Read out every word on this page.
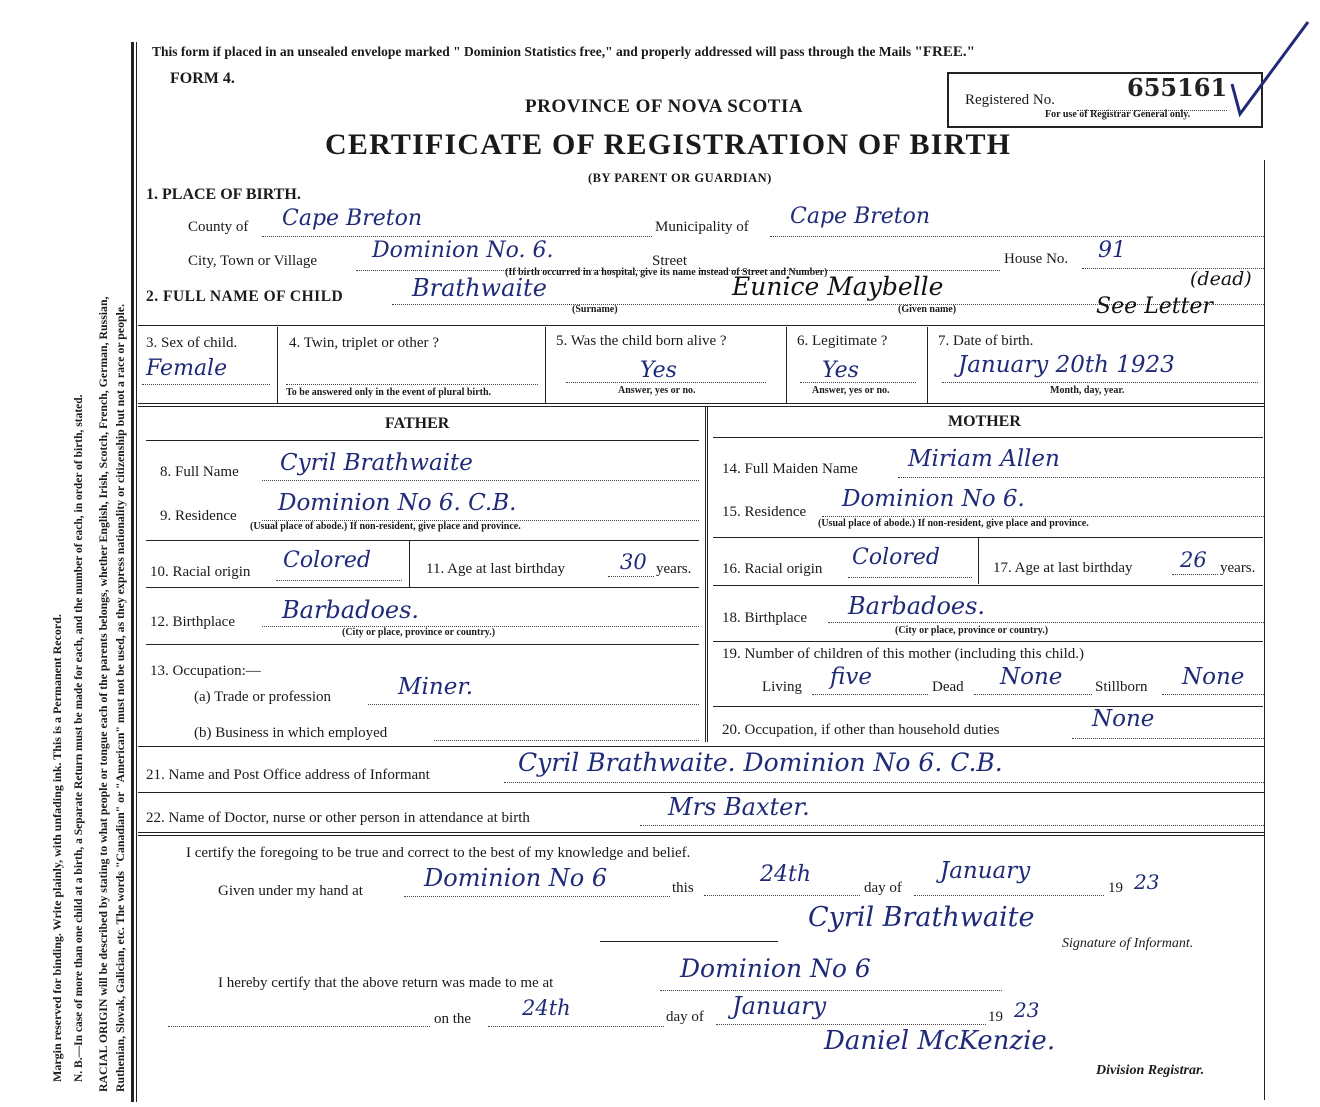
Margin reserved for binding. Write plainly, with unfading ink. This is a Permanent Record. N. B.—In case of more than one child at a birth, a Separate Return must be made for each, and the number of each, in order of birth, stated. RACIAL ORIGIN will be described by stating to what people or tongue each of the parents belongs, whether English, Irish, Scotch, French, German, Russian, Ruthenian, Slovak, Galician, etc. The words "Canadian" or "American" must not be used, as they express nationality or citizenship but not a race or people.
This form if placed in an unsealed envelope marked " Dominion Statistics free," and properly addressed will pass through the Mails "FREE."
FORM 4.
PROVINCE OF NOVA SCOTIA
CERTIFICATE OF REGISTRATION OF BIRTH
(BY PARENT OR GUARDIAN)
Registered No.	655161
For use of Registrar General only.
1. PLACE OF BIRTH.
County of Cape Breton	Municipality of Cape Breton
City, Town or Village Dominion No. 6.	Street	House No. 91
(If birth occurred in a hospital, give its name instead of Street and Number)
2. FULL NAME OF CHILD	Brathwaite	Eunice Maybelle
(Surname)	(Given name)
(dead)
See Letter
3. Sex of child.
Female
4. Twin, triplet or other ?
To be answered only in the event of plural birth.
5. Was the child born alive ?
Yes
Answer, yes or no.
6. Legitimate ?
Yes
Answer, yes or no.
7. Date of birth.
January 20th 1923
Month, day, year.
FATHER	MOTHER
8. Full Name Cyril Brathwaite
9. Residence Dominion No 6. C.B.
(Usual place of abode.) If non-resident, give place and province.
10. Racial origin Colored	11. Age at last birthday	30 years.
12. Birthplace Barbadoes.
(City or place, province or country.)
13. Occupation:—
(a) Trade or profession	Miner.
(b) Business in which employed
14. Full Maiden Name Miriam Allen
15. Residence Dominion No 6.
(Usual place of abode.) If non-resident, give place and province.
16. Racial origin Colored	17. Age at last birthday 26 years.
18. Birthplace Barbadoes.
(City or place, province or country.)
19. Number of children of this mother (including this child.)
Living five	Dead None Stillborn None
20. Occupation, if other than household duties	None
21. Name and Post Office address of Informant	Cyril Brathwaite. Dominion No 6. C.B.
22. Name of Doctor, nurse or other person in attendance at birth	Mrs Baxter.
I certify the foregoing to be true and correct to the best of my knowledge and belief.
Given under my hand at	Dominion No 6	this
24th
day of
January
19 23
Cyril Brathwaite
Signature of Informant.
I hereby certify that the above return was made to me at	Dominion No 6
on the 24th	day of January	19 23
Daniel McKenzie.
Division Registrar.
